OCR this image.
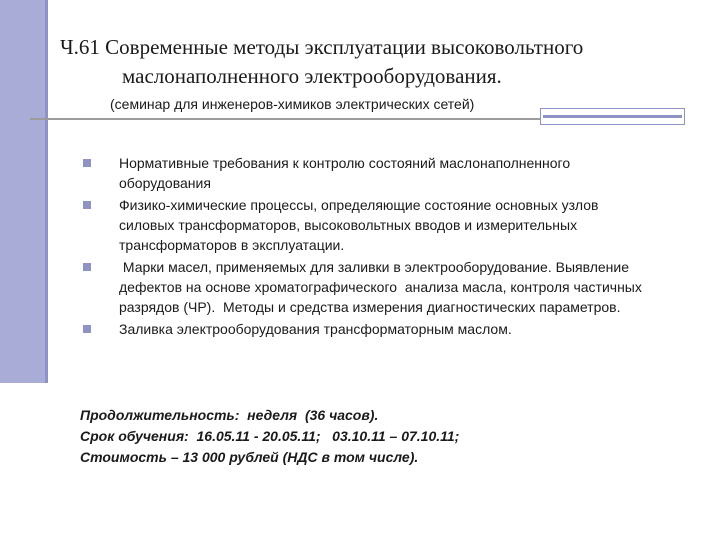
Ч.61 Современные методы эксплуатации высоковольтного
маслонаполненного электрооборудования.
(семинар для инженеров-химиков электрических сетей)
Нормативные требования к контролю состояний маслонаполненного оборудования
Физико-химические процессы, определяющие состояние основных узлов силовых трансформаторов, высоковольтных вводов и измерительных трансформаторов в эксплуатации.
Марки масел, применяемых для заливки в электрооборудование. Выявление дефектов на основе хроматографического  анализа масла, контроля частичных разрядов (ЧР).  Методы и средства измерения диагностических параметров.
Заливка электрооборудования трансформаторным маслом.
Продолжительность:  неделя  (36 часов).
Срок обучения:  16.05.11 - 20.05.11;   03.10.11 – 07.10.11;
Стоимость – 13 000 рублей (НДС в том числе).
